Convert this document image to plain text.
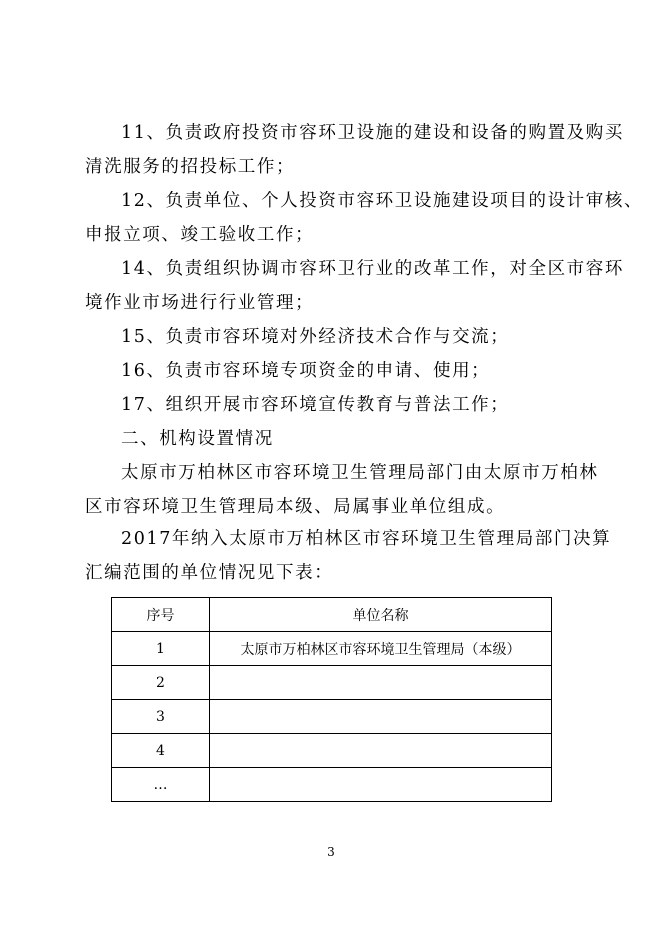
11、负责政府投资市容环卫设施的建设和设备的购置及购买
清洗服务的招投标工作；
12、负责单位、个人投资市容环卫设施建设项目的设计审核、
申报立项、竣工验收工作；
14、负责组织协调市容环卫行业的改革工作，对全区市容环
境作业市场进行行业管理；
15、负责市容环境对外经济技术合作与交流；
16、负责市容环境专项资金的申请、使用；
17、组织开展市容环境宣传教育与普法工作；
二、机构设置情况
太原市万柏林区市容环境卫生管理局部门由太原市万柏林
区市容环境卫生管理局本级、局属事业单位组成。
2017年纳入太原市万柏林区市容环境卫生管理局部门决算
汇编范围的单位情况见下表：
序号	单位名称
1	太原市万柏林区市容环境卫生管理局（本级）
2	
3	
4	
…	
3
